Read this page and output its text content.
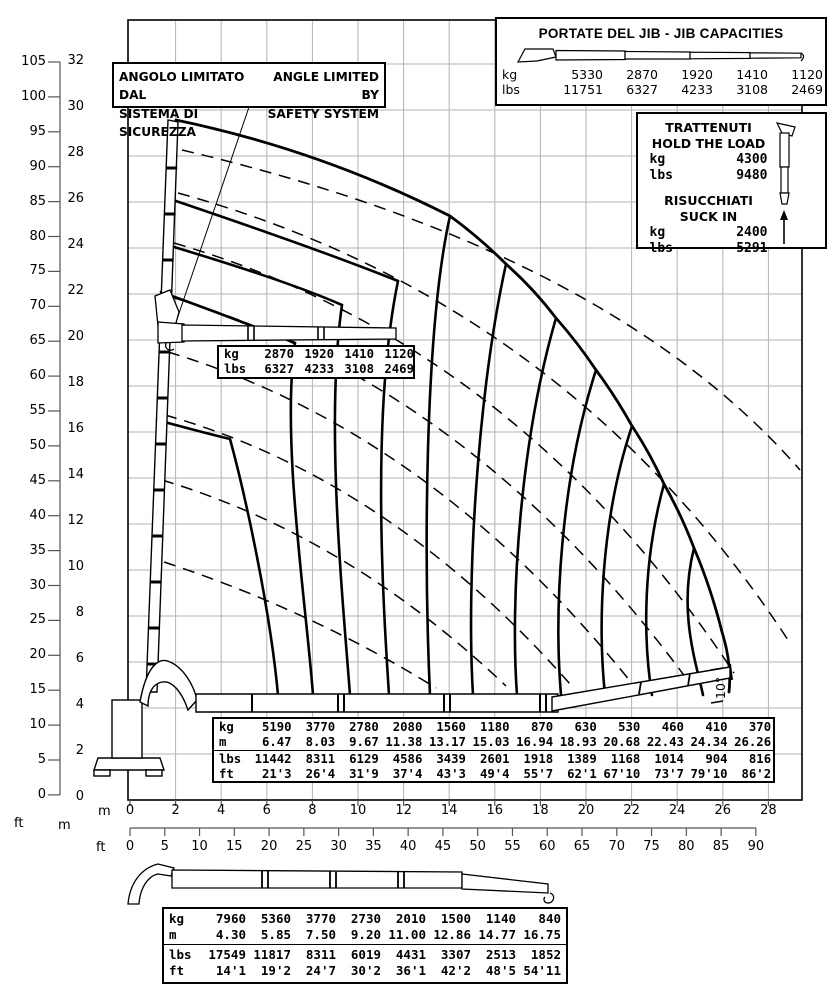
10°
105
100
95
90
85
80
75
70
65
60
55
50
45
40
35
30
25
20
15
10
5
0
32
30
28
26
24
22
20
18
16
14
12
10
8
6
4
2
0
0	2	4	6	8	10	12	14	16	18	20	22	24	26	28
0	5	10	15	20	25	30	35	40	45	50	55	60	65	70	75	80	85	90
ft	m
m
ft
ANGOLO LIMITATO DAL
SISTEMA DI SICUREZZA
ANGLE LIMITED BY
SAFETY SYSTEM
PORTATE DEL JIB - JIB CAPACITIES
kg	5330	2870	1920	1410	1120
lbs	11751	6327	4233	3108	2469
TRATTENUTI
HOLD THE LOAD
kg	4300
lbs	9480
RISUCCHIATI
SUCK IN
kg	2400
lbs	5291
kg	2870 1920 1410 1120
lbs	6327 4233 3108 2469
kg	5190	3770	2780	2080	1560	1180	870	630	530	460	410	370
m	6.47	8.03	9.67 11.38 13.17 15.03 16.94 18.93 20.68 22.43 24.34 26.26
lbs	11442	8311	6129	4586	3439	2601	1918	1389	1168	1014	904	816
ft	21'3	26'4	31'9	37'4	43'3	49'4	55'7	62'1 67'10	73'7 79'10	86'2
kg	7960	5360	3770	2730	2010	1500	1140	840
m	4.30	5.85	7.50	9.20 11.00 12.86 14.77 16.75
lbs	17549 11817	8311	6019	4431	3307	2513	1852
ft	14'1	19'2	24'7	30'2	36'1	42'2	48'5 54'11
